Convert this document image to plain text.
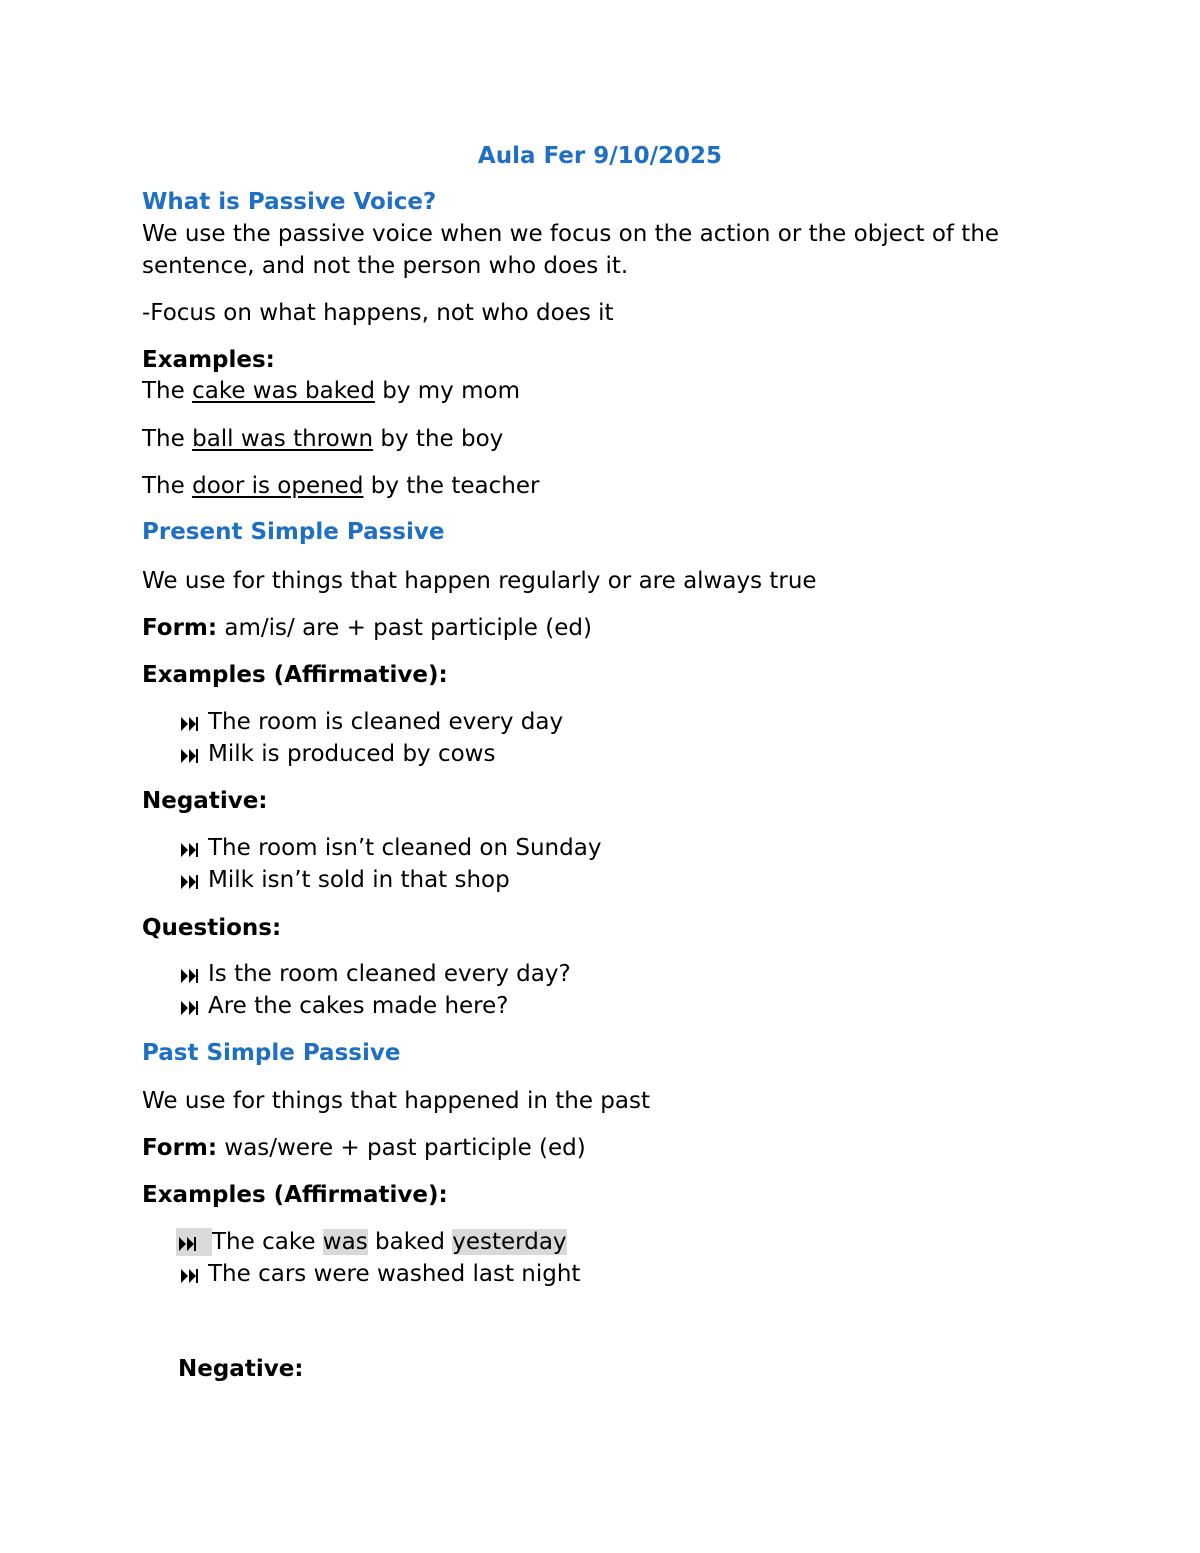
Aula Fer 9/10/2025
What is Passive Voice?
We use the passive voice when we focus on the action or the object of the
sentence, and not the person who does it.
-Focus on what happens, not who does it
Examples:
The cake was baked by my mom
The ball was thrown by the boy
The door is opened by the teacher
Present Simple Passive
We use for things that happen regularly or are always true
Form: am/is/ are + past participle (ed)
Examples (Affirmative):
The room is cleaned every day
Milk is produced by cows
Negative:
The room isn’t cleaned on Sunday
Milk isn’t sold in that shop
Questions:
Is the room cleaned every day?
Are the cakes made here?
Past Simple Passive
We use for things that happened in the past
Form: was/were + past participle (ed)
Examples (Affirmative):
The cake was baked yesterday
The cars were washed last night
Negative:
